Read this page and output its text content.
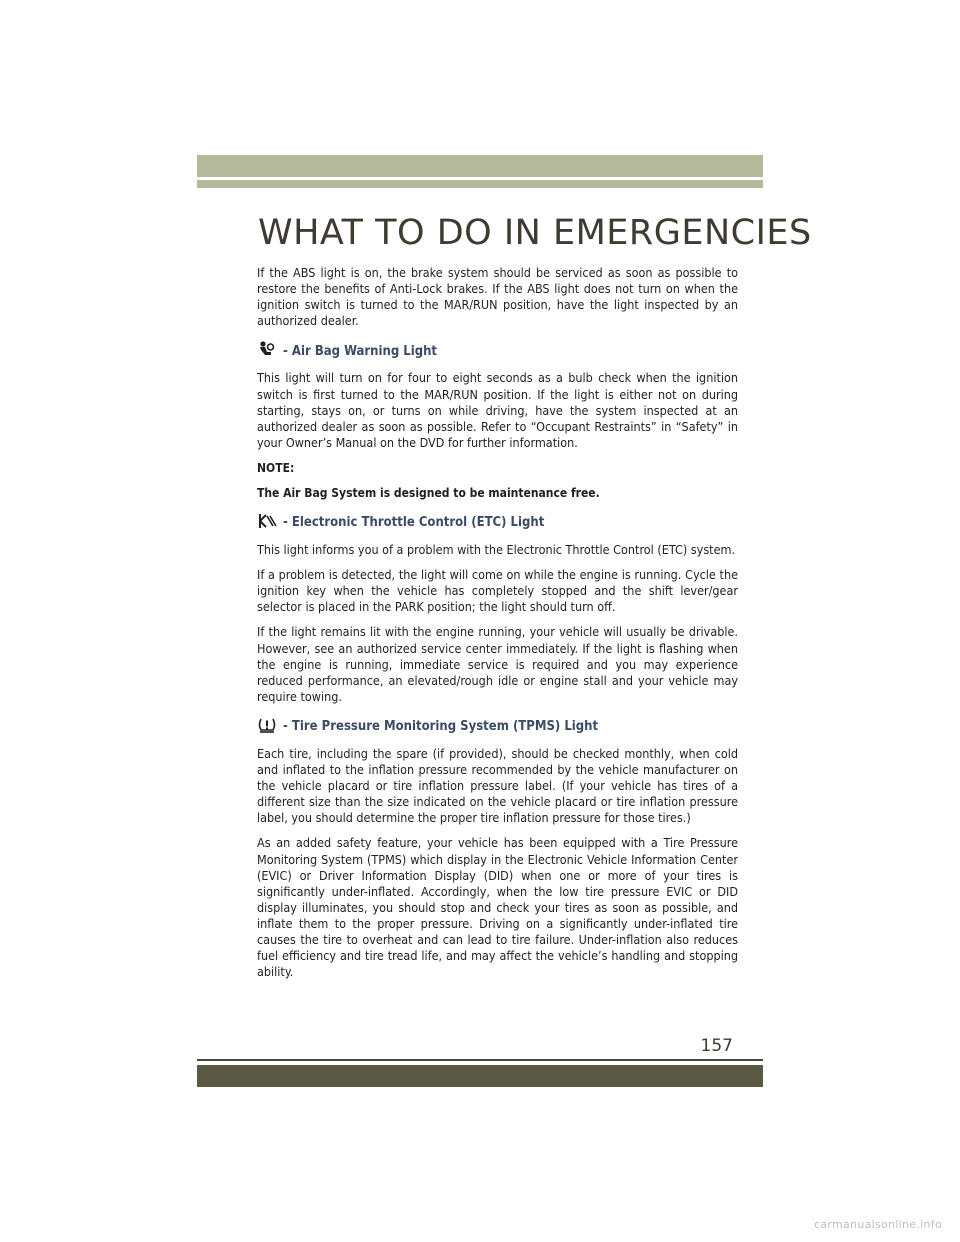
WHAT TO DO IN EMERGENCIES

If the ABS light is on, the brake system should be serviced as soon as possible to restore the benefits of Anti-Lock brakes. If the ABS light does not turn on when the ignition switch is turned to the MAR/RUN position, have the light inspected by an authorized dealer.

- Air Bag Warning Light

This light will turn on for four to eight seconds as a bulb check when the ignition switch is first turned to the MAR/RUN position. If the light is either not on during starting, stays on, or turns on while driving, have the system inspected at an authorized dealer as soon as possible. Refer to “Occupant Restraints” in “Safety” in your Owner’s Manual on the DVD for further information.

NOTE:

The Air Bag System is designed to be maintenance free.

- Electronic Throttle Control (ETC) Light

This light informs you of a problem with the Electronic Throttle Control (ETC) system.

If a problem is detected, the light will come on while the engine is running. Cycle the ignition key when the vehicle has completely stopped and the shift lever/gear selector is placed in the PARK position; the light should turn off.

If the light remains lit with the engine running, your vehicle will usually be drivable. However, see an authorized service center immediately. If the light is flashing when the engine is running, immediate service is required and you may experience reduced performance, an elevated/rough idle or engine stall and your vehicle may require towing.

- Tire Pressure Monitoring System (TPMS) Light

Each tire, including the spare (if provided), should be checked monthly, when cold and inflated to the inflation pressure recommended by the vehicle manufacturer on the vehicle placard or tire inflation pressure label. (If your vehicle has tires of a different size than the size indicated on the vehicle placard or tire inflation pressure label, you should determine the proper tire inflation pressure for those tires.)

As an added safety feature, your vehicle has been equipped with a Tire Pressure Monitoring System (TPMS) which display in the Electronic Vehicle Information Center (EVIC) or Driver Information Display (DID) when one or more of your tires is significantly under-inflated. Accordingly, when the low tire pressure EVIC or DID display illuminates, you should stop and check your tires as soon as possible, and inflate them to the proper pressure. Driving on a significantly under-inflated tire causes the tire to overheat and can lead to tire failure. Under-inflation also reduces fuel efficiency and tire tread life, and may affect the vehicle’s handling and stopping ability.

157
carmanualsonline.info
